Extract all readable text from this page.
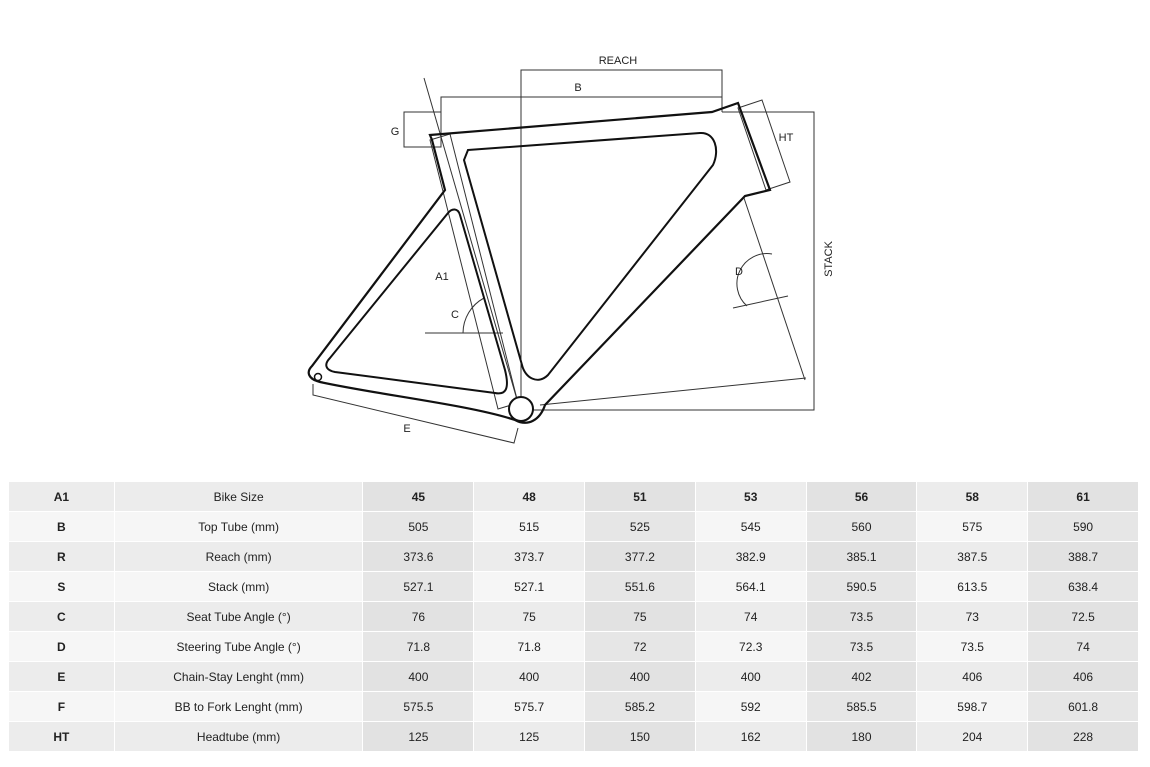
REACH
B
G	HT
A1
C
D	STACK
E
A1	Bike Size	45	48	51	53	56	58	61
B	Top Tube (mm)	505	515	525	545	560	575	590
R	Reach (mm)	373.6	373.7	377.2	382.9	385.1	387.5	388.7
S	Stack (mm)	527.1	527.1	551.6	564.1	590.5	613.5	638.4
C	Seat Tube Angle (°)	76	75	75	74	73.5	73	72.5
D	Steering Tube Angle (°)	71.8	71.8	72	72.3	73.5	73.5	74
E	Chain-Stay Lenght (mm)	400	400	400	400	402	406	406
F	BB to Fork Lenght (mm)	575.5	575.7	585.2	592	585.5	598.7	601.8
HT	Headtube (mm)	125	125	150	162	180	204	228
